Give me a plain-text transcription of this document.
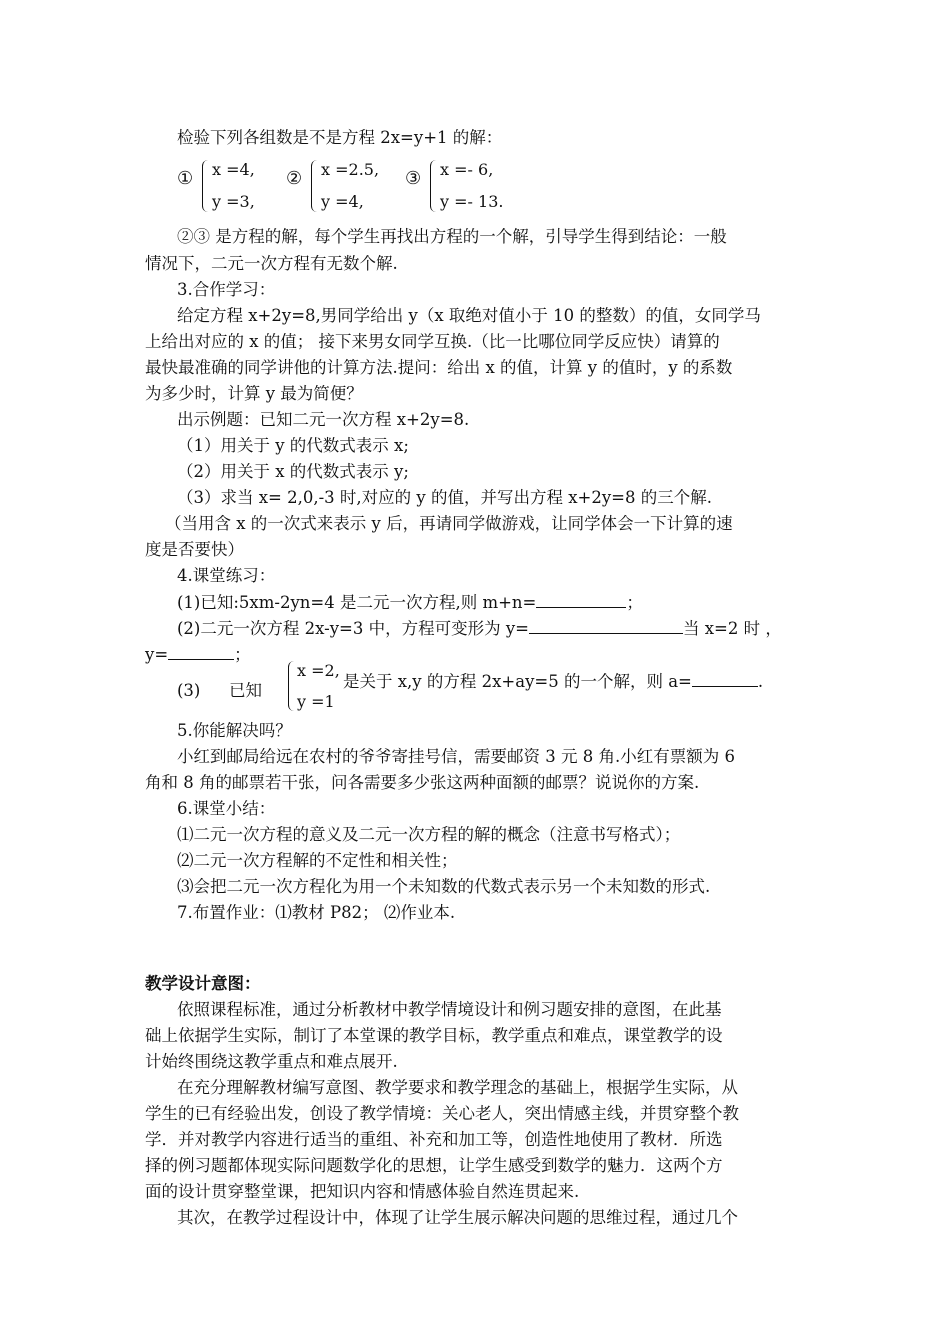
检验下列各组数是不是方程 2x=y+1 的解：
① x =4,
y =3,
② x =2.5,
y =4,
③ x =- 6,
y =- 13.
②③ 是方程的解，每个学生再找出方程的一个解，引导学生得到结论：一般
情况下，二元一次方程有无数个解.
3.合作学习：
给定方程 x+2y=8,男同学给出 y（x 取绝对值小于 10 的整数）的值，女同学马
上给出对应的 x 的值； 接下来男女同学互换.（比一比哪位同学反应快）请算的
最快最准确的同学讲他的计算方法.提问：给出 x 的值，计算 y 的值时，y 的系数
为多少时，计算 y 最为简便？
出示例题：已知二元一次方程 x+2y=8.
（1）用关于 y 的代数式表示 x;
（2）用关于 x 的代数式表示 y;
（3）求当 x= 2,0,-3 时,对应的 y 的值，并写出方程 x+2y=8 的三个解.
（当用含 x 的一次式来表示 y 后，再请同学做游戏，让同学体会一下计算的速
度是否要快）
4.课堂练习：
(1)已知:5xm-2yn=4 是二元一次方程,则 m+n=	；
(2)二元一次方程 2x-y=3 中，方程可变形为 y=	当 x=2 时 ，
y=	；
(3) 已知
x =2,
y =1
是关于 x,y 的方程 2x+ay=5 的一个解，则 a=	.
5.你能解决吗？
小红到邮局给远在农村的爷爷寄挂号信，需要邮资 3 元 8 角.小红有票额为 6
角和 8 角的邮票若干张，问各需要多少张这两种面额的邮票？说说你的方案.
6.课堂小结：
⑴二元一次方程的意义及二元一次方程的解的概念（注意书写格式）；
⑵二元一次方程解的不定性和相关性；
⑶会把二元一次方程化为用一个未知数的代数式表示另一个未知数的形式.
7.布置作业：⑴教材 P82； ⑵作业本.
教学设计意图：
依照课程标准，通过分析教材中教学情境设计和例习题安排的意图，在此基
础上依据学生实际，制订了本堂课的教学目标，教学重点和难点，课堂教学的设
计始终围绕这教学重点和难点展开.
在充分理解教材编写意图、教学要求和教学理念的基础上，根据学生实际，从
学生的已有经验出发，创设了教学情境：关心老人，突出情感主线，并贯穿整个教
学．并对教学内容进行适当的重组、补充和加工等，创造性地使用了教材．所选
择的例习题都体现实际问题数学化的思想，让学生感受到数学的魅力．这两个方
面的设计贯穿整堂课，把知识内容和情感体验自然连贯起来.
其次，在教学过程设计中，体现了让学生展示解决问题的思维过程，通过几个
